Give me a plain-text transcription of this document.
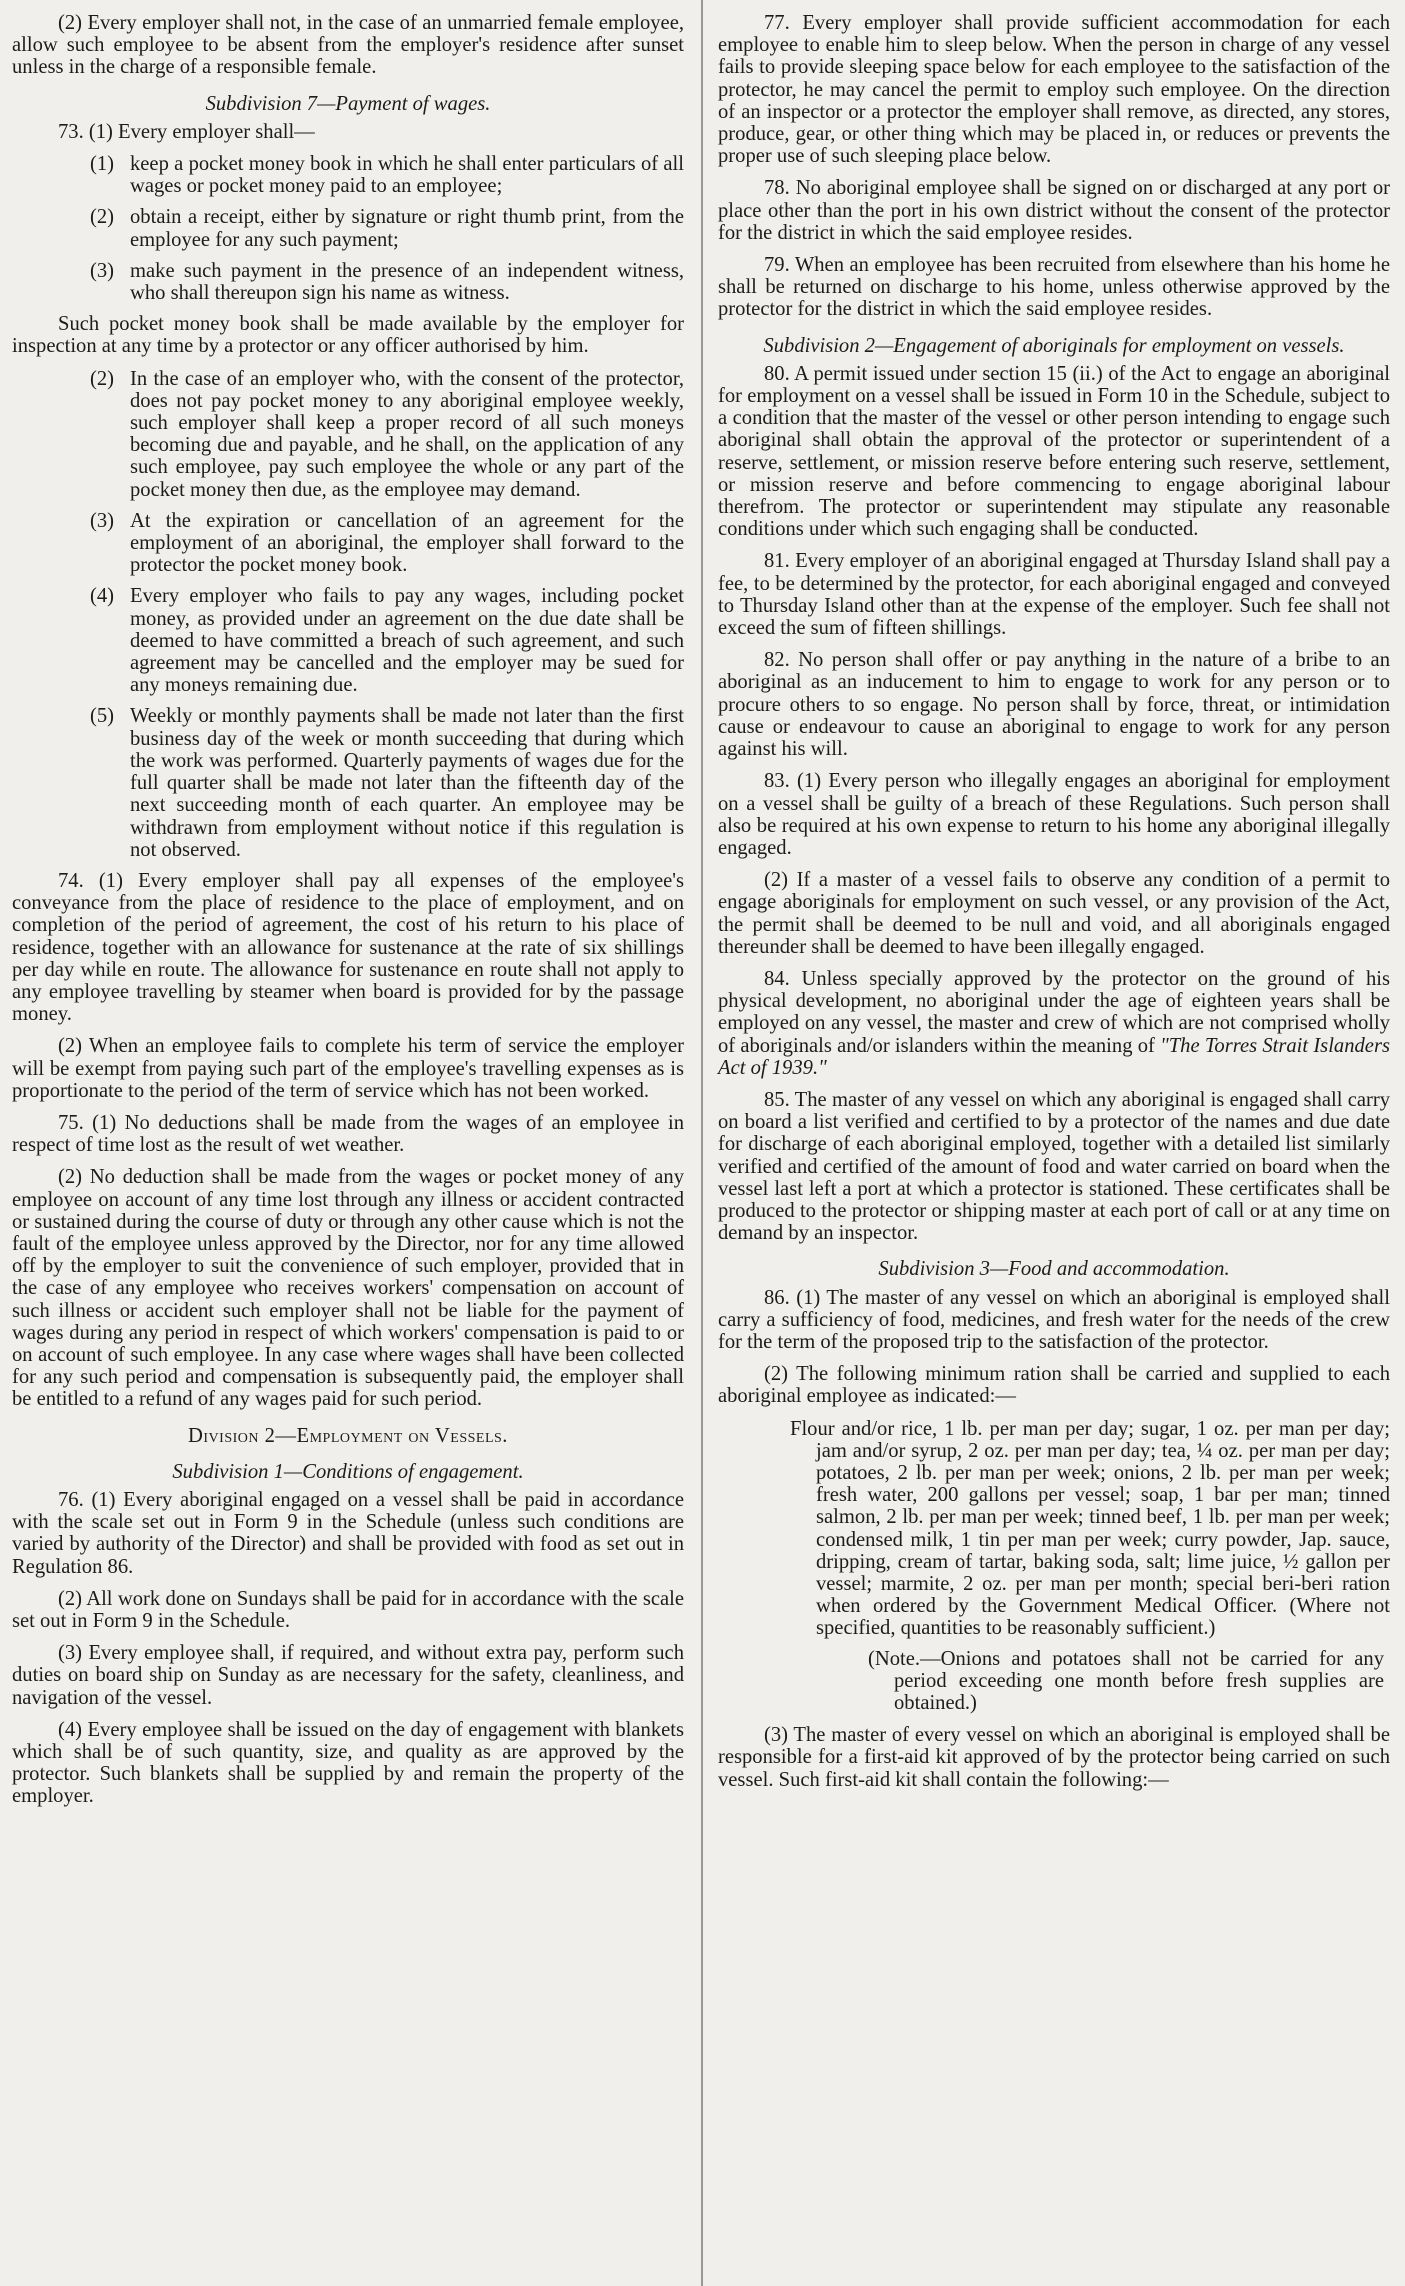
(2) Every employer shall not, in the case of an unmarried female employee, allow such employee to be absent from the employer's residence after sunset unless in the charge of a responsible female.

Subdivision 7—Payment of wages.

73. (1) Every employer shall—

(1) keep a pocket money book in which he shall enter particulars of all wages or pocket money paid to an employee;
(2) obtain a receipt, either by signature or right thumb print, from the employee for any such payment;
(3) make such payment in the presence of an independent witness, who shall thereupon sign his name as witness.

Such pocket money book shall be made available by the employer for inspection at any time by a protector or any officer authorised by him.

(2) In the case of an employer who, with the consent of the protector, does not pay pocket money to any aboriginal employee weekly, such employer shall keep a proper record of all such moneys becoming due and payable, and he shall, on the application of any such employee, pay such employee the whole or any part of the pocket money then due, as the employee may demand.
(3) At the expiration or cancellation of an agreement for the employment of an aboriginal, the employer shall forward to the protector the pocket money book.
(4) Every employer who fails to pay any wages, including pocket money, as provided under an agreement on the due date shall be deemed to have committed a breach of such agreement, and such agreement may be cancelled and the employer may be sued for any moneys remaining due.
(5) Weekly or monthly payments shall be made not later than the first business day of the week or month succeeding that during which the work was performed. Quarterly payments of wages due for the full quarter shall be made not later than the fifteenth day of the next succeeding month of each quarter. An employee may be withdrawn from employment without notice if this regulation is not observed.

74. (1) Every employer shall pay all expenses of the employee's conveyance from the place of residence to the place of employment, and on completion of the period of agreement, the cost of his return to his place of residence, together with an allowance for sustenance at the rate of six shillings per day while en route. The allowance for sustenance en route shall not apply to any employee travelling by steamer when board is provided for by the passage money.

(2) When an employee fails to complete his term of service the employer will be exempt from paying such part of the employee's travelling expenses as is proportionate to the period of the term of service which has not been worked.

75. (1) No deductions shall be made from the wages of an employee in respect of time lost as the result of wet weather.

(2) No deduction shall be made from the wages or pocket money of any employee on account of any time lost through any illness or accident contracted or sustained during the course of duty or through any other cause which is not the fault of the employee unless approved by the Director, nor for any time allowed off by the employer to suit the convenience of such employer, provided that in the case of any employee who receives workers' compensation on account of such illness or accident such employer shall not be liable for the payment of wages during any period in respect of which workers' compensation is paid to or on account of such employee. In any case where wages shall have been collected for any such period and compensation is subsequently paid, the employer shall be entitled to a refund of any wages paid for such period.

Division 2—Employment on Vessels.
Subdivision 1—Conditions of engagement.

76. (1) Every aboriginal engaged on a vessel shall be paid in accordance with the scale set out in Form 9 in the Schedule (unless such conditions are varied by authority of the Director) and shall be provided with food as set out in Regulation 86.

(2) All work done on Sundays shall be paid for in accordance with the scale set out in Form 9 in the Schedule.

(3) Every employee shall, if required, and without extra pay, perform such duties on board ship on Sunday as are necessary for the safety, cleanliness, and navigation of the vessel.

(4) Every employee shall be issued on the day of engagement with blankets which shall be of such quantity, size, and quality as are approved by the protector. Such blankets shall be supplied by and remain the property of the employer.

77. Every employer shall provide sufficient accommodation for each employee to enable him to sleep below. When the person in charge of any vessel fails to provide sleeping space below for each employee to the satisfaction of the protector, he may cancel the permit to employ such employee. On the direction of an inspector or a protector the employer shall remove, as directed, any stores, produce, gear, or other thing which may be placed in, or reduces or prevents the proper use of such sleeping place below.

78. No aboriginal employee shall be signed on or discharged at any port or place other than the port in his own district without the consent of the protector for the district in which the said employee resides.

79. When an employee has been recruited from elsewhere than his home he shall be returned on discharge to his home, unless otherwise approved by the protector for the district in which the said employee resides.

Subdivision 2—Engagement of aboriginals for employment on vessels.

80. A permit issued under section 15 (ii.) of the Act to engage an aboriginal for employment on a vessel shall be issued in Form 10 in the Schedule, subject to a condition that the master of the vessel or other person intending to engage such aboriginal shall obtain the approval of the protector or superintendent of a reserve, settlement, or mission reserve before entering such reserve, settlement, or mission reserve and before commencing to engage aboriginal labour therefrom. The protector or superintendent may stipulate any reasonable conditions under which such engaging shall be conducted.

81. Every employer of an aboriginal engaged at Thursday Island shall pay a fee, to be determined by the protector, for each aboriginal engaged and conveyed to Thursday Island other than at the expense of the employer. Such fee shall not exceed the sum of fifteen shillings.

82. No person shall offer or pay anything in the nature of a bribe to an aboriginal as an inducement to him to engage to work for any person or to procure others to so engage. No person shall by force, threat, or intimidation cause or endeavour to cause an aboriginal to engage to work for any person against his will.

83. (1) Every person who illegally engages an aboriginal for employment on a vessel shall be guilty of a breach of these Regulations. Such person shall also be required at his own expense to return to his home any aboriginal illegally engaged.

(2) If a master of a vessel fails to observe any condition of a permit to engage aboriginals for employment on such vessel, or any provision of the Act, the permit shall be deemed to be null and void, and all aboriginals engaged thereunder shall be deemed to have been illegally engaged.

84. Unless specially approved by the protector on the ground of his physical development, no aboriginal under the age of eighteen years shall be employed on any vessel, the master and crew of which are not comprised wholly of aboriginals and/or islanders within the meaning of "The Torres Strait Islanders Act of 1939."

85. The master of any vessel on which any aboriginal is engaged shall carry on board a list verified and certified to by a protector of the names and due date for discharge of each aboriginal employed, together with a detailed list similarly verified and certified of the amount of food and water carried on board when the vessel last left a port at which a protector is stationed. These certificates shall be produced to the protector or shipping master at each port of call or at any time on demand by an inspector.

Subdivision 3—Food and accommodation.

86. (1) The master of any vessel on which an aboriginal is employed shall carry a sufficiency of food, medicines, and fresh water for the needs of the crew for the term of the proposed trip to the satisfaction of the protector.

(2) The following minimum ration shall be carried and supplied to each aboriginal employee as indicated:—

Flour and/or rice, 1 lb. per man per day; sugar, 1 oz. per man per day; jam and/or syrup, 2 oz. per man per day; tea, ¼ oz. per man per day; potatoes, 2 lb. per man per week; onions, 2 lb. per man per week; fresh water, 200 gallons per vessel; soap, 1 bar per man; tinned salmon, 2 lb. per man per week; tinned beef, 1 lb. per man per week; condensed milk, 1 tin per man per week; curry powder, Jap. sauce, dripping, cream of tartar, baking soda, salt; lime juice, ½ gallon per vessel; marmite, 2 oz. per man per month; special beri-beri ration when ordered by the Government Medical Officer. (Where not specified, quantities to be reasonably sufficient.)

(Note.—Onions and potatoes shall not be carried for any period exceeding one month before fresh supplies are obtained.)

(3) The master of every vessel on which an aboriginal is employed shall be responsible for a first-aid kit approved of by the protector being carried on such vessel. Such first-aid kit shall contain the following:—
